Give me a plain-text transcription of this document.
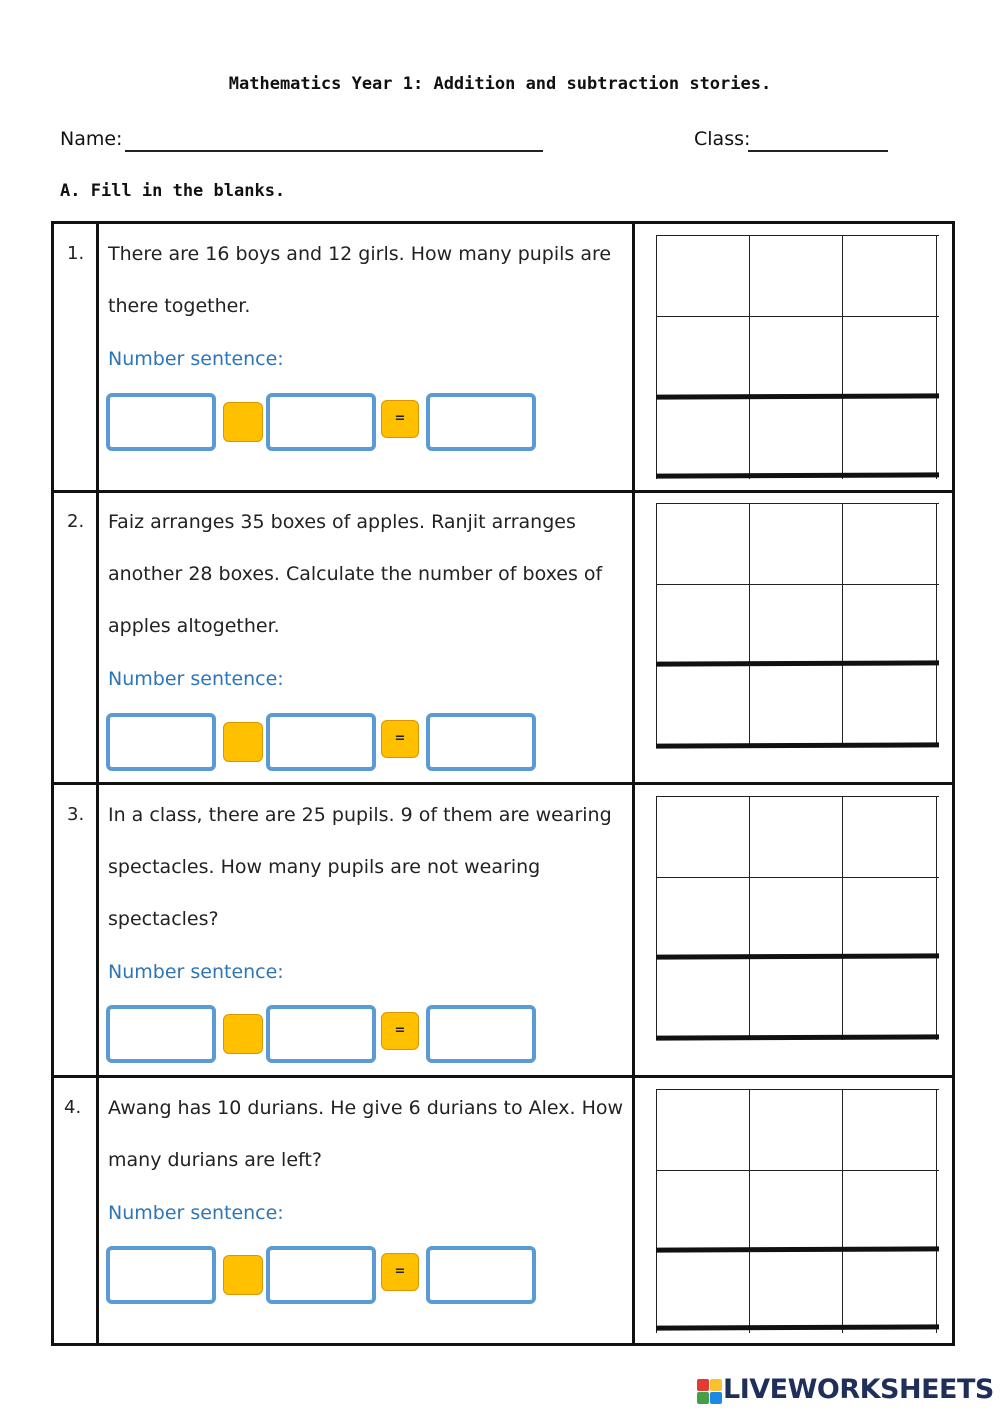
Mathematics Year 1: Addition and subtraction stories.
Name:	Class:
A. Fill in the blanks.
1. There are 16 boys and 12 girls. How many pupils are
there together.
Number sentence:
=
2. Faiz arranges 35 boxes of apples. Ranjit arranges
another 28 boxes. Calculate the number of boxes of
apples altogether.
Number sentence:
=
3. In a class, there are 25 pupils. 9 of them are wearing
spectacles. How many pupils are not wearing
spectacles?
Number sentence:
=
4. Awang has 10 durians. He give 6 durians to Alex. How
many durians are left?
Number sentence:
=
LIVEWORKSHEETS
